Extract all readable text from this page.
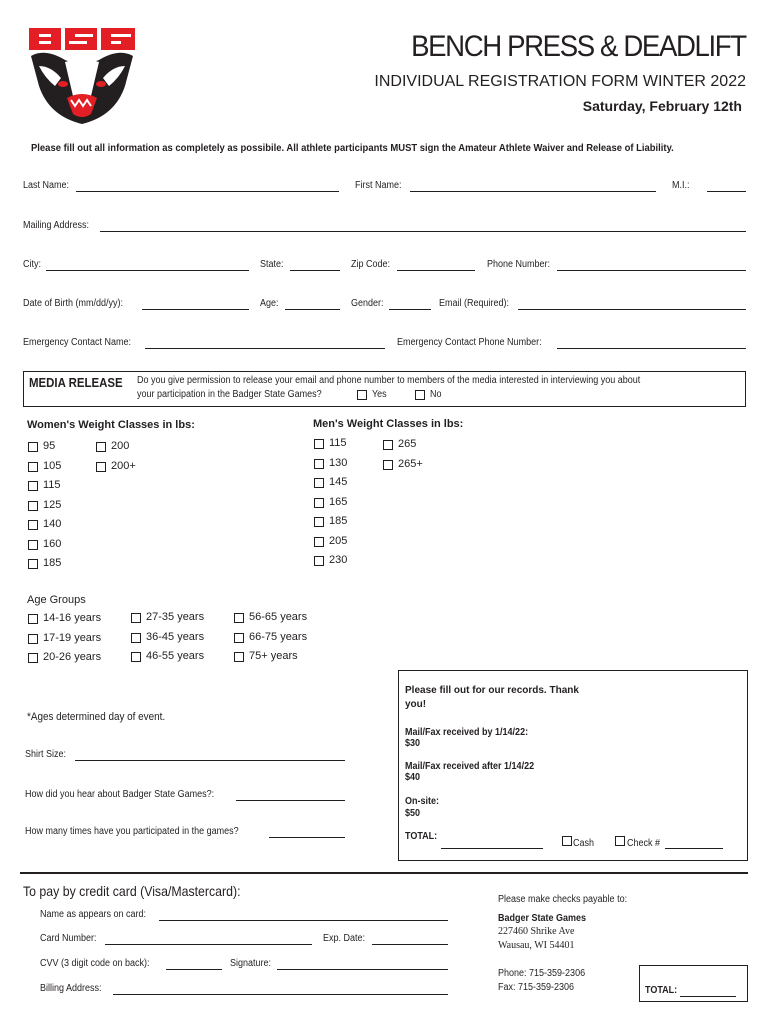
™
BENCH PRESS & DEADLIFT
INDIVIDUAL REGISTRATION FORM WINTER 2022
Saturday, February 12th
Please fill out all information as completely as possibile. All athlete participants MUST sign the Amateur Athlete Waiver and Release of Liability.
Last Name:	First Name:	M.I.:
Mailing Address:
City:	State:	Zip Code:	Phone Number:
Date of Birth (mm/dd/yy):	Age:	Gender:	Email (Required):
Emergency Contact Name:	Emergency Contact Phone Number:
MEDIA RELEASE Do you give permission to release your email and phone number to members of the media interested in interviewing you about
your participation in the Badger State Games?	Yes	No
Women's Weight Classes in lbs:	Men's Weight Classes in lbs:
95
105
115
125
140
160
185
200
200+
115
130
145
165
185
205
230
265
265+
Age Groups
14-16 years
17-19 years
20-26 years
27-35 years
36-45 years
46-55 years
56-65 years
66-75 years
75+ years
*Ages determined day of event.
Shirt Size:
How did you hear about Badger State Games?:
How many times have you participated in the games?
Please fill out for our records. Thank you!
Mail/Fax received by 1/14/22:
$30
Mail/Fax received after 1/14/22
$40
On-site:
$50
TOTAL:
Cash	Check #
To pay by credit card (Visa/Mastercard):
Name as appears on card:
Card Number:	Exp. Date:
CVV (3 digit code on back):	Signature:
Billing Address:
Please make checks payable to:
Badger State Games
227460 Shrike Ave
Wausau, WI 54401
Phone: 715-359-2306
Fax: 715-359-2306	TOTAL:
